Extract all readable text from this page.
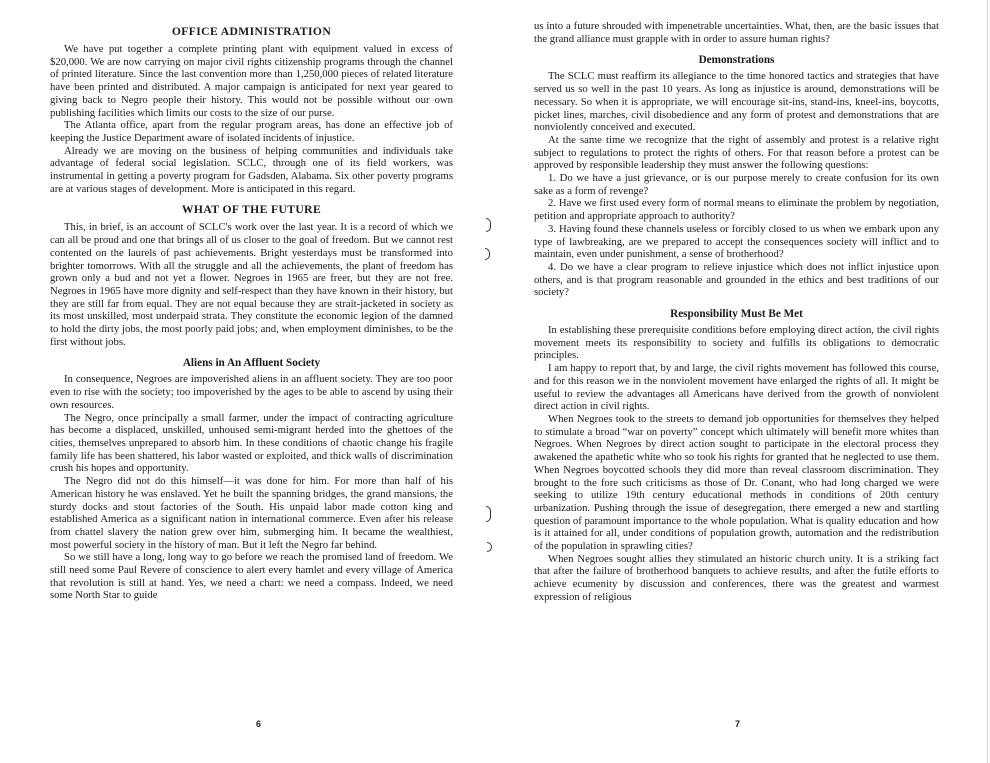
OFFICE ADMINISTRATION

We have put together a complete printing plant with equipment valued in excess of $20,000. We are now carrying on major civil rights citizenship programs through the channel of printed literature. Since the last convention more than 1,250,000 pieces of related literature have been printed and distributed. A major campaign is anticipated for next year geared to giving back to Negro people their history. This would not be possible without our own publishing facilities which limits our costs to the size of our purse.

The Atlanta office, apart from the regular program areas, has done an effective job of keeping the Justice Department aware of isolated incidents of injustice.

Already we are moving on the business of helping communities and individuals take advantage of federal social legislation. SCLC, through one of its field workers, was instrumental in getting a poverty program for Gadsden, Alabama. Six other poverty programs are at various stages of development. More is anticipated in this regard.

WHAT OF THE FUTURE

This, in brief, is an account of SCLC's work over the last year. It is a record of which we can all be proud and one that brings all of us closer to the goal of freedom. But we cannot rest contented on the laurels of past achievements. Bright yesterdays must be transformed into brighter tomorrows. With all the struggle and all the achievements, the plant of freedom has grown only a bud and not yet a flower. Negroes in 1965 are freer, but they are not free. Negroes in 1965 have more dignity and self-respect than they have known in their history, but they are still far from equal. They are not equal because they are strait-jacketed in society as its most unskilled, most underpaid strata. They constitute the economic legion of the damned to hold the dirty jobs, the most poorly paid jobs; and, when employment diminishes, to be the first without jobs.

Aliens in An Affluent Society

In consequence, Negroes are impoverished aliens in an affluent society. They are too poor even to rise with the society; too impoverished by the ages to be able to ascend by using their own resources.

The Negro, once principally a small farmer, under the impact of contracting agriculture has become a displaced, unskilled, unhoused semi-migrant herded into the ghettoes of the cities, themselves unprepared to absorb him. In these conditions of chaotic change his fragile family life has been shattered, his labor wasted or exploited, and thick walls of discrimination crush his hopes and opportunity.

The Negro did not do this himself—it was done for him. For more than half of his American history he was enslaved. Yet he built the spanning bridges, the grand mansions, the sturdy docks and stout factories of the South. His unpaid labor made cotton king and established America as a significant nation in international commerce. Even after his release from chattel slavery the nation grew over him, submerging him. It became the wealthiest, most powerful society in the history of man. But it left the Negro far behind.

So we still have a long, long way to go before we reach the promised land of freedom. We still need some Paul Revere of conscience to alert every hamlet and every village of America that revolution is still at hand. Yes, we need a chart: we need a compass. Indeed, we need some North Star to guide

6

us into a future shrouded with impenetrable uncertainties. What, then, are the basic issues that the grand alliance must grapple with in order to assure human rights?

Demonstrations

The SCLC must reaffirm its allegiance to the time honored tactics and strategies that have served us so well in the past 10 years. As long as injustice is around, demonstrations will be necessary. So when it is appropriate, we will encourage sit-ins, stand-ins, kneel-ins, boycotts, picket lines, marches, civil disobedience and any form of protest and demonstrations that are nonviolently conceived and executed.

At the same time we recognize that the right of assembly and protest is a relative right subject to regulations to protect the rights of others. For that reason before a protest can be approved by responsible leadership they must answer the following questions:

1. Do we have a just grievance, or is our purpose merely to create confusion for its own sake as a form of revenge?

2. Have we first used every form of normal means to eliminate the problem by negotiation, petition and appropriate approach to authority?

3. Having found these channels useless or forcibly closed to us when we embark upon any type of lawbreaking, are we prepared to accept the consequences society will inflict and to maintain, even under punishment, a sense of brotherhood?

4. Do we have a clear program to relieve injustice which does not inflict injustice upon others, and is that program reasonable and grounded in the ethics and best traditions of our society?

Responsibility Must Be Met

In establishing these prerequisite conditions before employing direct action, the civil rights movement meets its responsibility to society and fulfills its obligations to democratic principles.

I am happy to report that, by and large, the civil rights movement has followed this course, and for this reason we in the nonviolent movement have enlarged the rights of all. It might be useful to review the advantages all Americans have derived from the growth of nonviolent direct action in civil rights.

When Negroes took to the streets to demand job opportunities for themselves they helped to stimulate a broad “war on poverty” concept which ultimately will benefit more whites than Negroes. When Negroes by direct action sought to participate in the electoral process they awakened the apathetic white who so took his rights for granted that he neglected to use them. When Negroes boycotted schools they did more than reveal classroom discrimination. They brought to the fore such criticisms as those of Dr. Conant, who had long charged we were seeking to utilize 19th century educational methods in conditions of 20th century urbanization. Pushing through the issue of desegregation, there emerged a new and startling question of paramount importance to the whole population. What is quality education and how is it attained for all, under conditions of population growth, automation and the redistribution of the population in sprawling cities?

When Negroes sought allies they stimulated an historic church unity. It is a striking fact that after the failure of brotherhood banquets to achieve results, and after the futile efforts to achieve ecumenity by discussion and conferences, there was the greatest and warmest expression of religious

7
